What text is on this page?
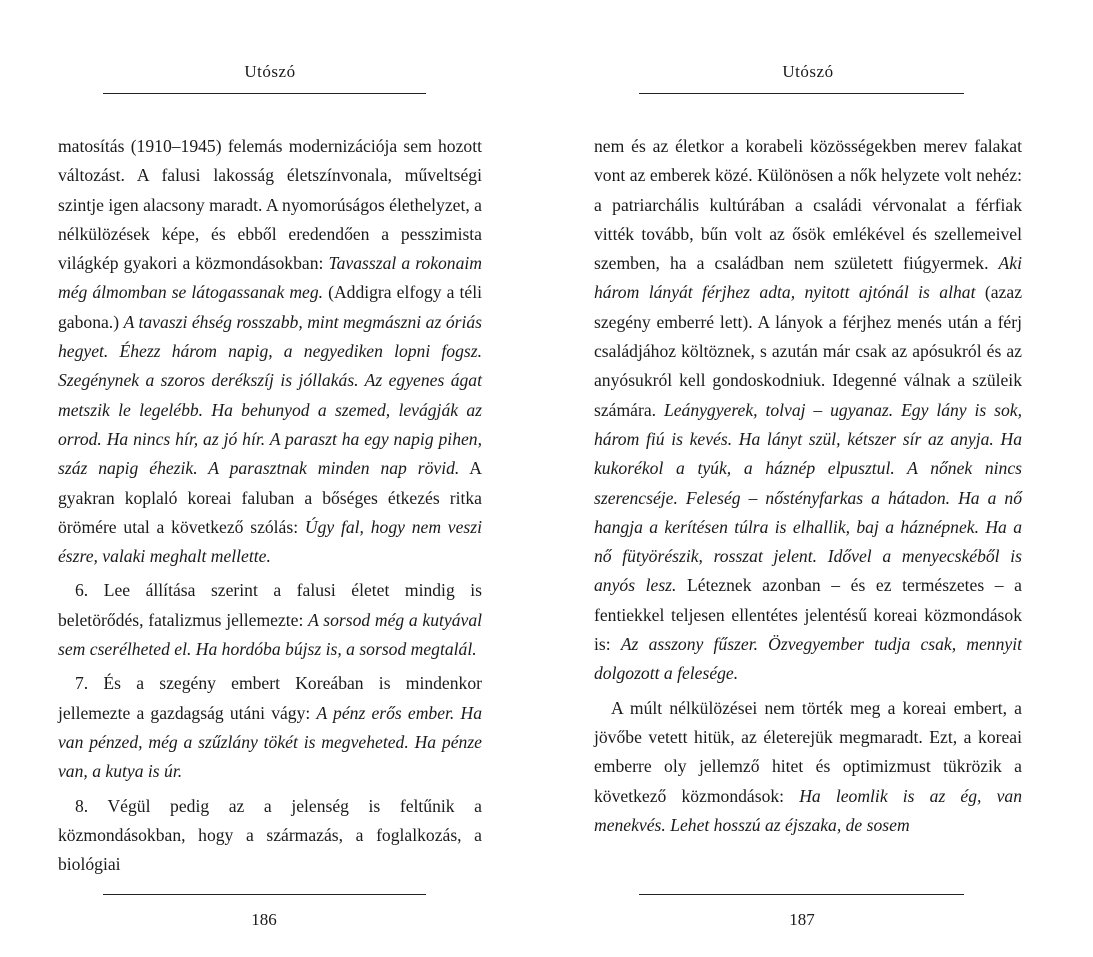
Utószó

matosítás (1910–1945) felemás modernizációja sem hozott változást. A falusi lakosság életszínvonala, műveltségi szintje igen alacsony maradt. A nyomorúságos élethelyzet, a nélkülözések képe, és ebből eredendően a pesszimista világkép gyakori a közmondásokban: Tavasszal a rokonaim még álmomban se látogassanak meg. (Addigra elfogy a téli gabona.) A tavaszi éhség rosszabb, mint megmászni az óriás hegyet. Éhezz három napig, a negyediken lopni fogsz. Szegénynek a szoros derékszíj is jóllakás. Az egyenes ágat metszik le legelébb. Ha behunyod a szemed, levágják az orrod. Ha nincs hír, az jó hír. A paraszt ha egy napig pihen, száz napig éhezik. A parasztnak minden nap rövid. A gyakran koplaló koreai faluban a bőséges étkezés ritka örömére utal a következő szólás: Úgy fal, hogy nem veszi észre, valaki meghalt mellette.

6. Lee állítása szerint a falusi életet mindig is beletörődés, fatalizmus jellemezte: A sorsod még a kutyával sem cserélheted el. Ha hordóba bújsz is, a sorsod megtalál.

7. És a szegény embert Koreában is mindenkor jellemezte a gazdagság utáni vágy: A pénz erős ember. Ha van pénzed, még a szűzlány tökét is megveheted. Ha pénze van, a kutya is úr.

8. Végül pedig az a jelenség is feltűnik a közmondásokban, hogy a származás, a foglalkozás, a biológiai

186
Utószó

nem és az életkor a korabeli közösségekben merev falakat vont az emberek közé. Különösen a nők helyzete volt nehéz: a patriarchális kultúrában a családi vérvonalat a férfiak vitték tovább, bűn volt az ősök emlékével és szellemeivel szemben, ha a családban nem született fiúgyermek. Aki három lányát férjhez adta, nyitott ajtónál is alhat (azaz szegény emberré lett). A lányok a férjhez menés után a férj családjához költöznek, s azután már csak az apósukról és az anyósukról kell gondoskodniuk. Idegenné válnak a szüleik számára. Leánygyerek, tolvaj – ugyanaz. Egy lány is sok, három fiú is kevés. Ha lányt szül, kétszer sír az anyja. Ha kukorékol a tyúk, a háznép elpusztul. A nőnek nincs szerencséje. Feleség – nőstényfarkas a hátadon. Ha a nő hangja a kerítésen túlra is elhallik, baj a háznépnek. Ha a nő fütyörészik, rosszat jelent. Idővel a menyecskéből is anyós lesz. Léteznek azonban – és ez természetes – a fentiekkel teljesen ellentétes jelentésű koreai közmondások is: Az asszony fűszer. Özvegyember tudja csak, mennyit dolgozott a felesége.

A múlt nélkülözései nem törték meg a koreai embert, a jövőbe vetett hitük, az életerejük megmaradt. Ezt, a koreai emberre oly jellemző hitet és optimizmust tükrözik a következő közmondások: Ha leomlik is az ég, van menekvés. Lehet hosszú az éjszaka, de sosem

187
